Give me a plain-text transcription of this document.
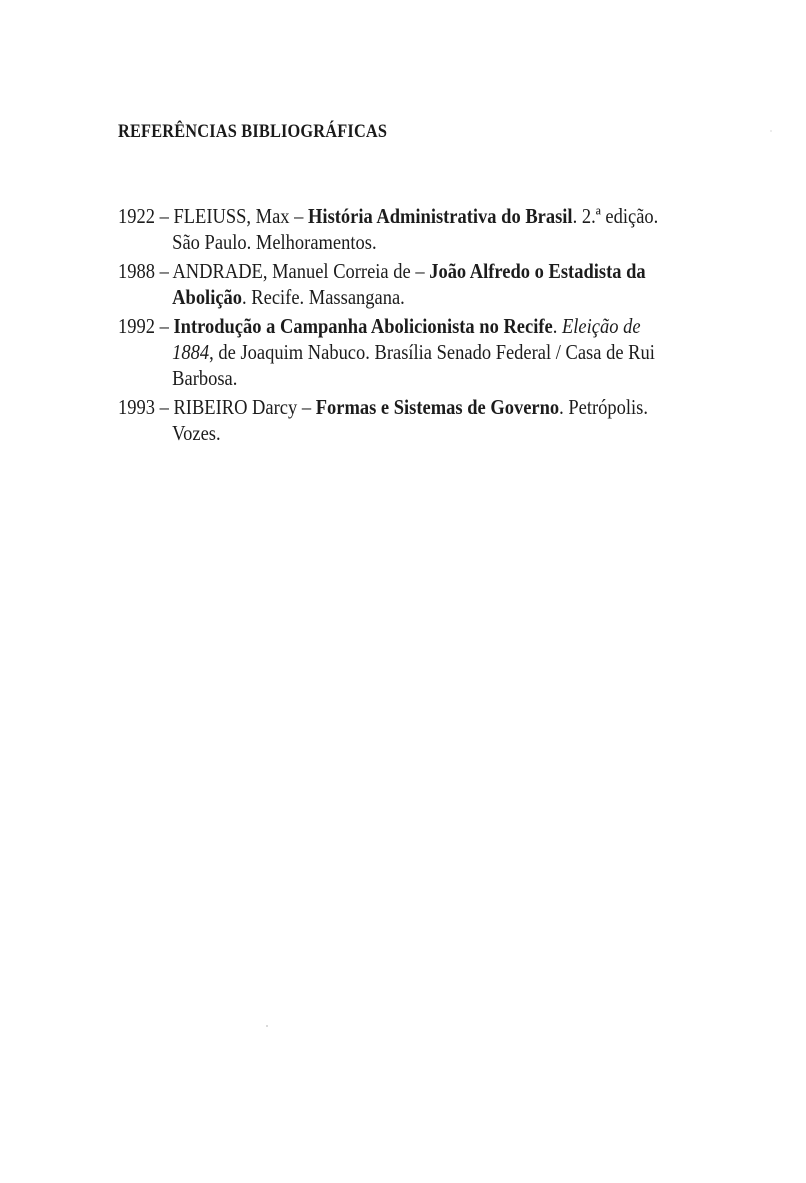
REFERÊNCIAS BIBLIOGRÁFICAS
1922 – FLEIUSS, Max – História Administrativa do Brasil. 2.ª edição. São Paulo. Melhoramentos.
1988 – ANDRADE, Manuel Correia de – João Alfredo o Estadista da Abolição. Recife. Massangana.
1992 – Introdução a Campanha Abolicionista no Recife. Eleição de 1884, de Joaquim Nabuco. Brasília Senado Federal / Casa de Rui Barbosa.
1993 – RIBEIRO Darcy – Formas e Sistemas de Governo. Petrópolis. Vozes.
